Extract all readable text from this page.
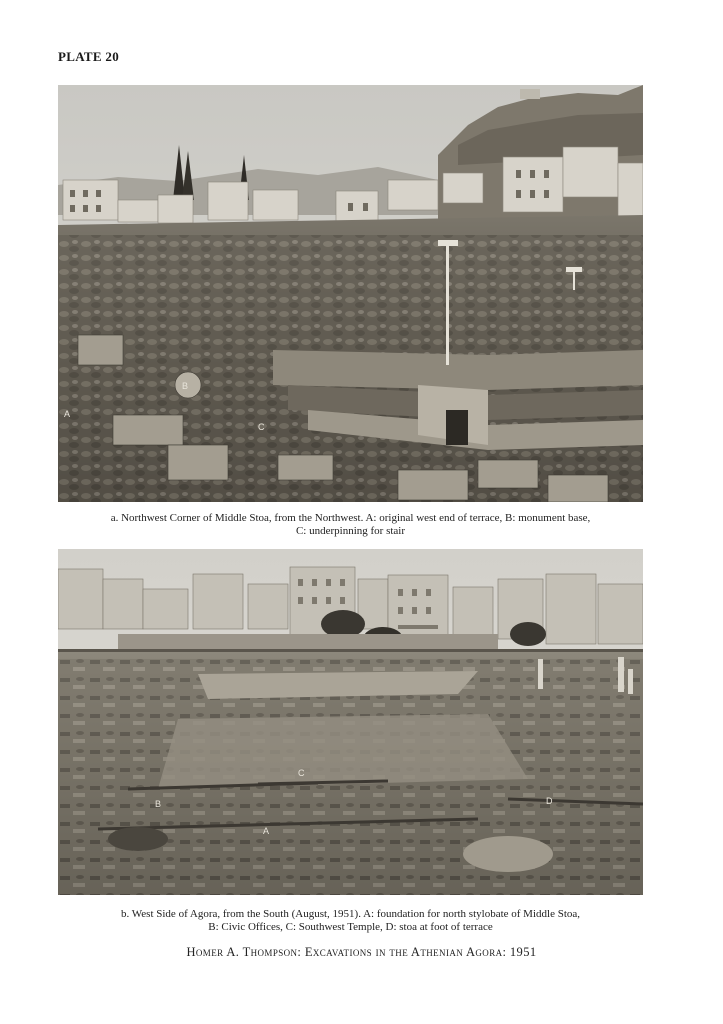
PLATE 20
A
B
C
a. Northwest Corner of Middle Stoa, from the Northwest. A: original west end of terrace, B: monument base,
C: underpinning for stair
A
B
C
D
b. West Side of Agora, from the South (August, 1951). A: foundation for north stylobate of Middle Stoa,
B: Civic Offices, C: Southwest Temple, D: stoa at foot of terrace
Homer A. Thompson: Excavations in the Athenian Agora: 1951
